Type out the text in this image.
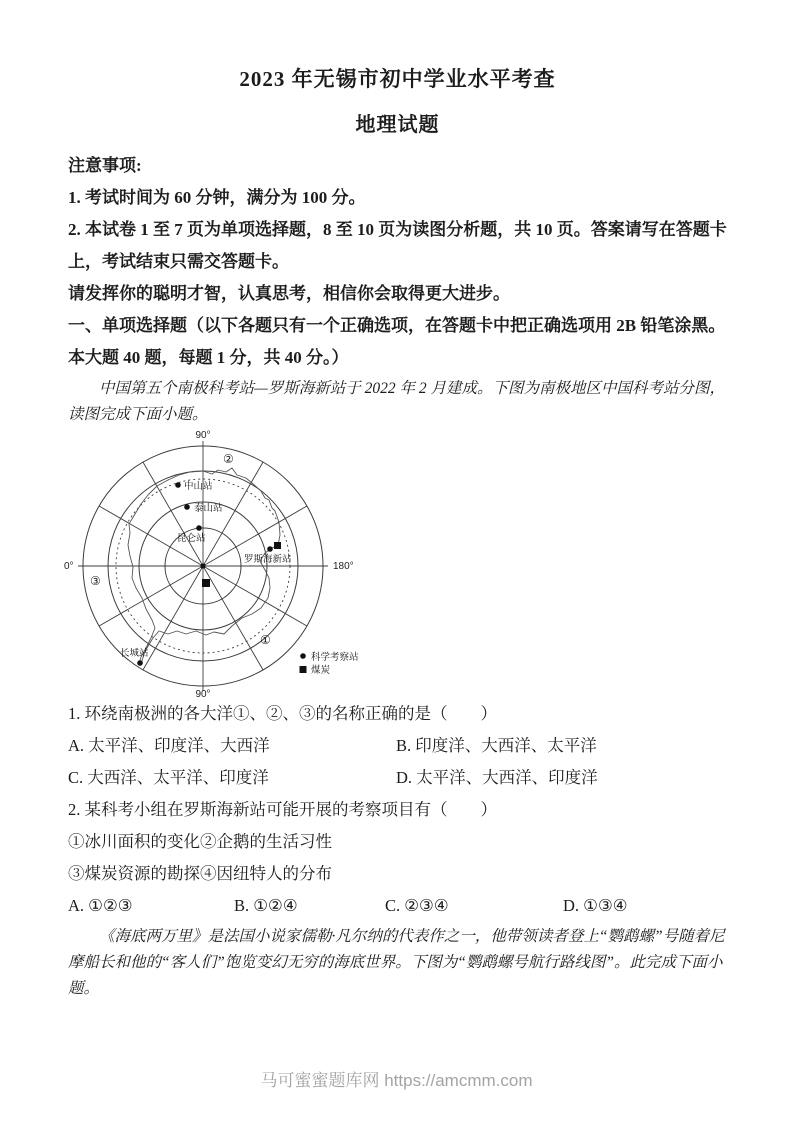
2023 年无锡市初中学业水平考查
地理试题

注意事项:

1. 考试时间为 60 分钟，满分为 100 分。

2. 本试卷 1 至 7 页为单项选择题，8 至 10 页为读图分析题，共 10 页。答案请写在答题卡上，考试结束只需交答题卡。

请发挥你的聪明才智，认真思考，相信你会取得更大进步。

一、单项选择题（以下各题只有一个正确选项，在答题卡中把正确选项用 2B 铅笔涂黑。本大题 40 题，每题 1 分，共 40 分。）

中国第五个南极科考站—罗斯海新站于 2022 年 2 月建成。下图为南极地区中国科考站分图，读图完成下面小题。

90°
0°	180°
90°
②
③
①
中山站
泰山站
昆仑站
罗斯海新站
长城站	科学考察站
煤炭

1. 环绕南极洲的各大洋①、②、③的名称正确的是（　　）

A. 太平洋、印度洋、大西洋	B. 印度洋、大西洋、太平洋
C. 大西洋、太平洋、印度洋	D. 太平洋、大西洋、印度洋

2. 某科考小组在罗斯海新站可能开展的考察项目有（　　）

①冰川面积的变化②企鹅的生活习性

③煤炭资源的勘探④因纽特人的分布

A. ①②③	B. ①②④	C. ②③④	D. ①③④

《海底两万里》是法国小说家儒勒·凡尔纳的代表作之一，他带领读者登上“鹦鹉螺”号随着尼摩船长和他的“客人们”饱览变幻无穷的海底世界。下图为“鹦鹉螺号航行路线图”。此完成下面小题。

马可蜜蜜题库网 https://amcmm.com
